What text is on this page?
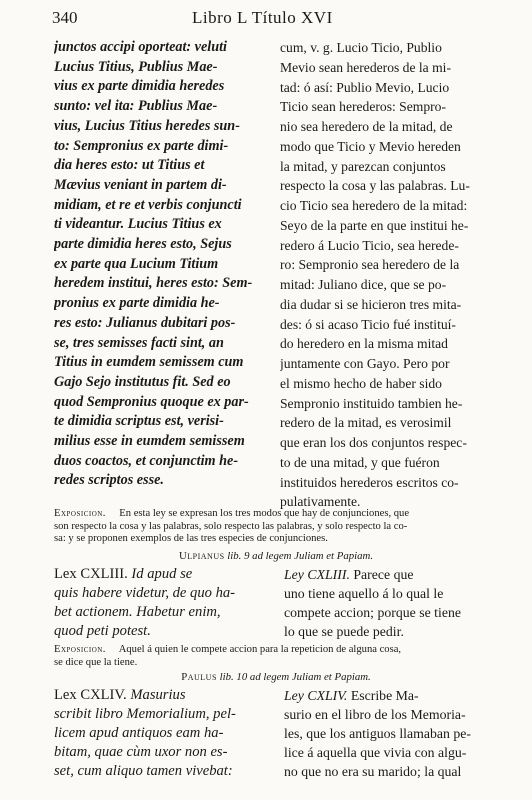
340	Libro L Título XVI
junctos accipi oporteat: veluti
Lucius Titius, Publius Mae-
vius ex parte dimidia heredes
sunto: vel ita: Publius Mae-
vius, Lucius Titius heredes sun-
to: Sempronius ex parte dimi-
dia heres esto: ut Titius et
Mævius veniant in partem di-
midiam, et re et verbis conjuncti
ti videantur. Lucius Titius ex
parte dimidia heres esto, Sejus
ex parte qua Lucium Titium
heredem institui, heres esto: Sem-
pronius ex parte dimidia he-
res esto: Julianus dubitari pos-
se, tres semisses facti sint, an
Titius in eumdem semissem cum
Gajo Sejo institutus fit. Sed eo
quod Sempronius quoque ex par-
te dimidia scriptus est, verisi-
milius esse in eumdem semissem
duos coactos, et conjunctim he-
redes scriptos esse.
cum, v. g. Lucio Ticio, Publio
Mevio sean herederos de la mi-
tad: ó así: Publio Mevio, Lucio
Ticio sean herederos: Sempro-
nio sea heredero de la mitad, de
modo que Ticio y Mevio hereden
la mitad, y parezcan conjuntos
respecto la cosa y las palabras. Lu-
cio Ticio sea heredero de la mitad:
Seyo de la parte en que institui he-
redero á Lucio Ticio, sea herede-
ro: Sempronio sea heredero de la
mitad: Juliano dice, que se po-
dia dudar si se hicieron tres mita-
des: ó si acaso Ticio fué instituí-
do heredero en la misma mitad
juntamente con Gayo. Pero por
el mismo hecho de haber sido
Sempronio instituido tambien he-
redero de la mitad, es verosimil
que eran los dos conjuntos respec-
to de una mitad, y que fuéron
instituidos herederos escritos co-
pulativamente.
Exposicion. En esta ley se expresan los tres modos que hay de conjunciones, que
son respecto la cosa y las palabras, solo respecto las palabras, y solo respecto la co-
sa: y se proponen exemplos de las tres especies de conjunciones.
Ulpianus lib. 9 ad legem Juliam et Papiam.
Lex CXLIII. Id apud se
quis habere videtur, de quo ha-
bet actionem. Habetur enim,
quod peti potest.
Ley CXLIII. Parece que
uno tiene aquello á lo qual le
compete accion; porque se tiene
lo que se puede pedir.
Exposicion. Aquel á quien le compete accion para la repeticion de alguna cosa,
se dice que la tiene.
Paulus lib. 10 ad legem Juliam et Papiam.
Lex CXLIV. Masurius
scribit libro Memorialium, pel-
licem apud antiquos eam ha-
bitam, quae cùm uxor non es-
set, cum aliquo tamen vivebat:
Ley CXLIV. Escribe Ma-
surio en el libro de los Memoria-
les, que los antiguos llamaban pe-
lice á aquella que vivia con algu-
no que no era su marido; la qual
